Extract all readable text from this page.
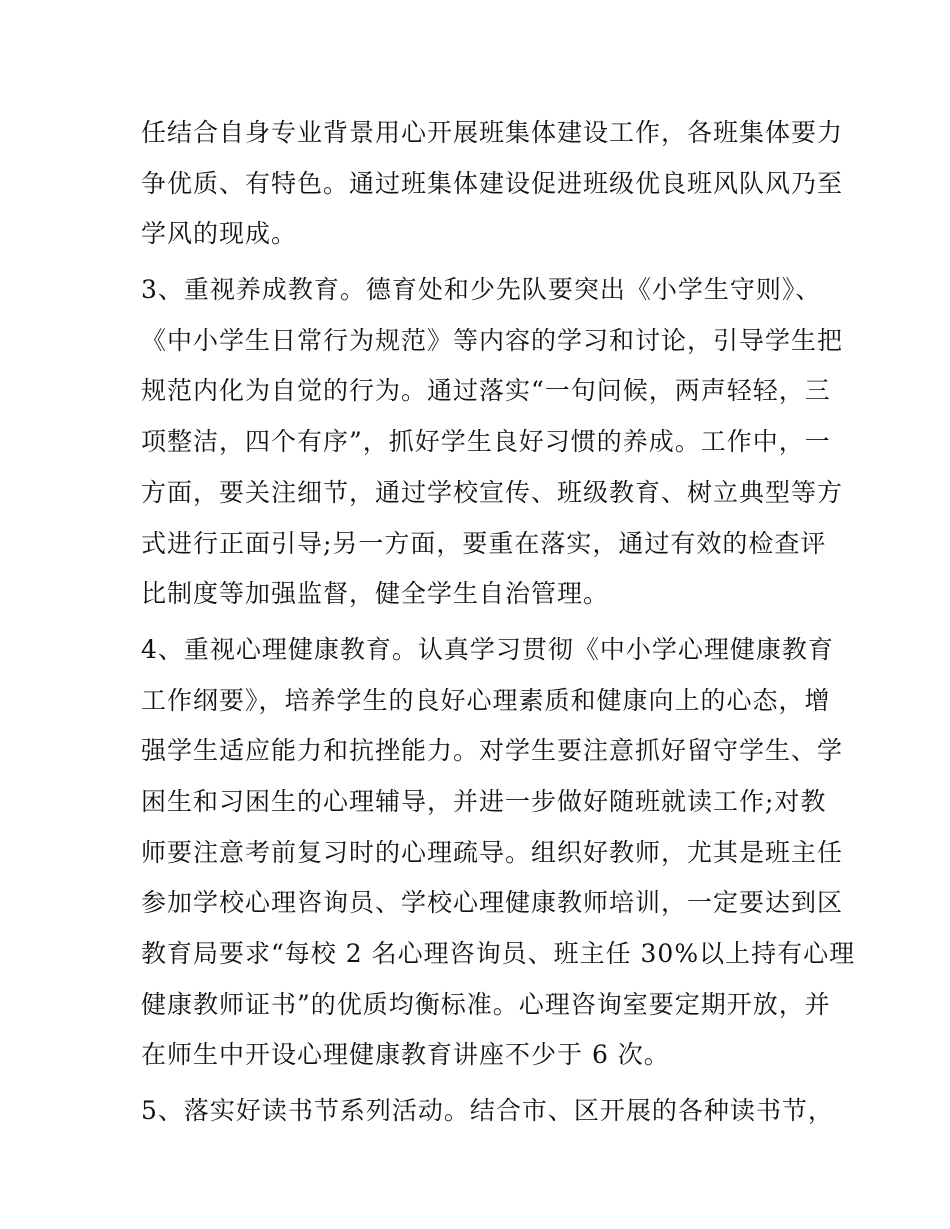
任结合自身专业背景用心开展班集体建设工作，各班集体要力
争优质、有特色。通过班集体建设促进班级优良班风队风乃至
学风的现成。
3、重视养成教育。德育处和少先队要突出《小学生守则》、
《中小学生日常行为规范》等内容的学习和讨论，引导学生把
规范内化为自觉的行为。通过落实“一句问候，两声轻轻，三
项整洁，四个有序”，抓好学生良好习惯的养成。工作中，一
方面，要关注细节，通过学校宣传、班级教育、树立典型等方
式进行正面引导;另一方面，要重在落实，通过有效的检查评
比制度等加强监督，健全学生自治管理。
4、重视心理健康教育。认真学习贯彻《中小学心理健康教育
工作纲要》，培养学生的良好心理素质和健康向上的心态，增
强学生适应能力和抗挫能力。对学生要注意抓好留守学生、学
困生和习困生的心理辅导，并进一步做好随班就读工作;对教
师要注意考前复习时的心理疏导。组织好教师，尤其是班主任
参加学校心理咨询员、学校心理健康教师培训，一定要达到区
教育局要求“每校 2 名心理咨询员、班主任 30%以上持有心理
健康教师证书”的优质均衡标准。心理咨询室要定期开放，并
在师生中开设心理健康教育讲座不少于 6 次。
5、落实好读书节系列活动。结合市、区开展的各种读书节，
